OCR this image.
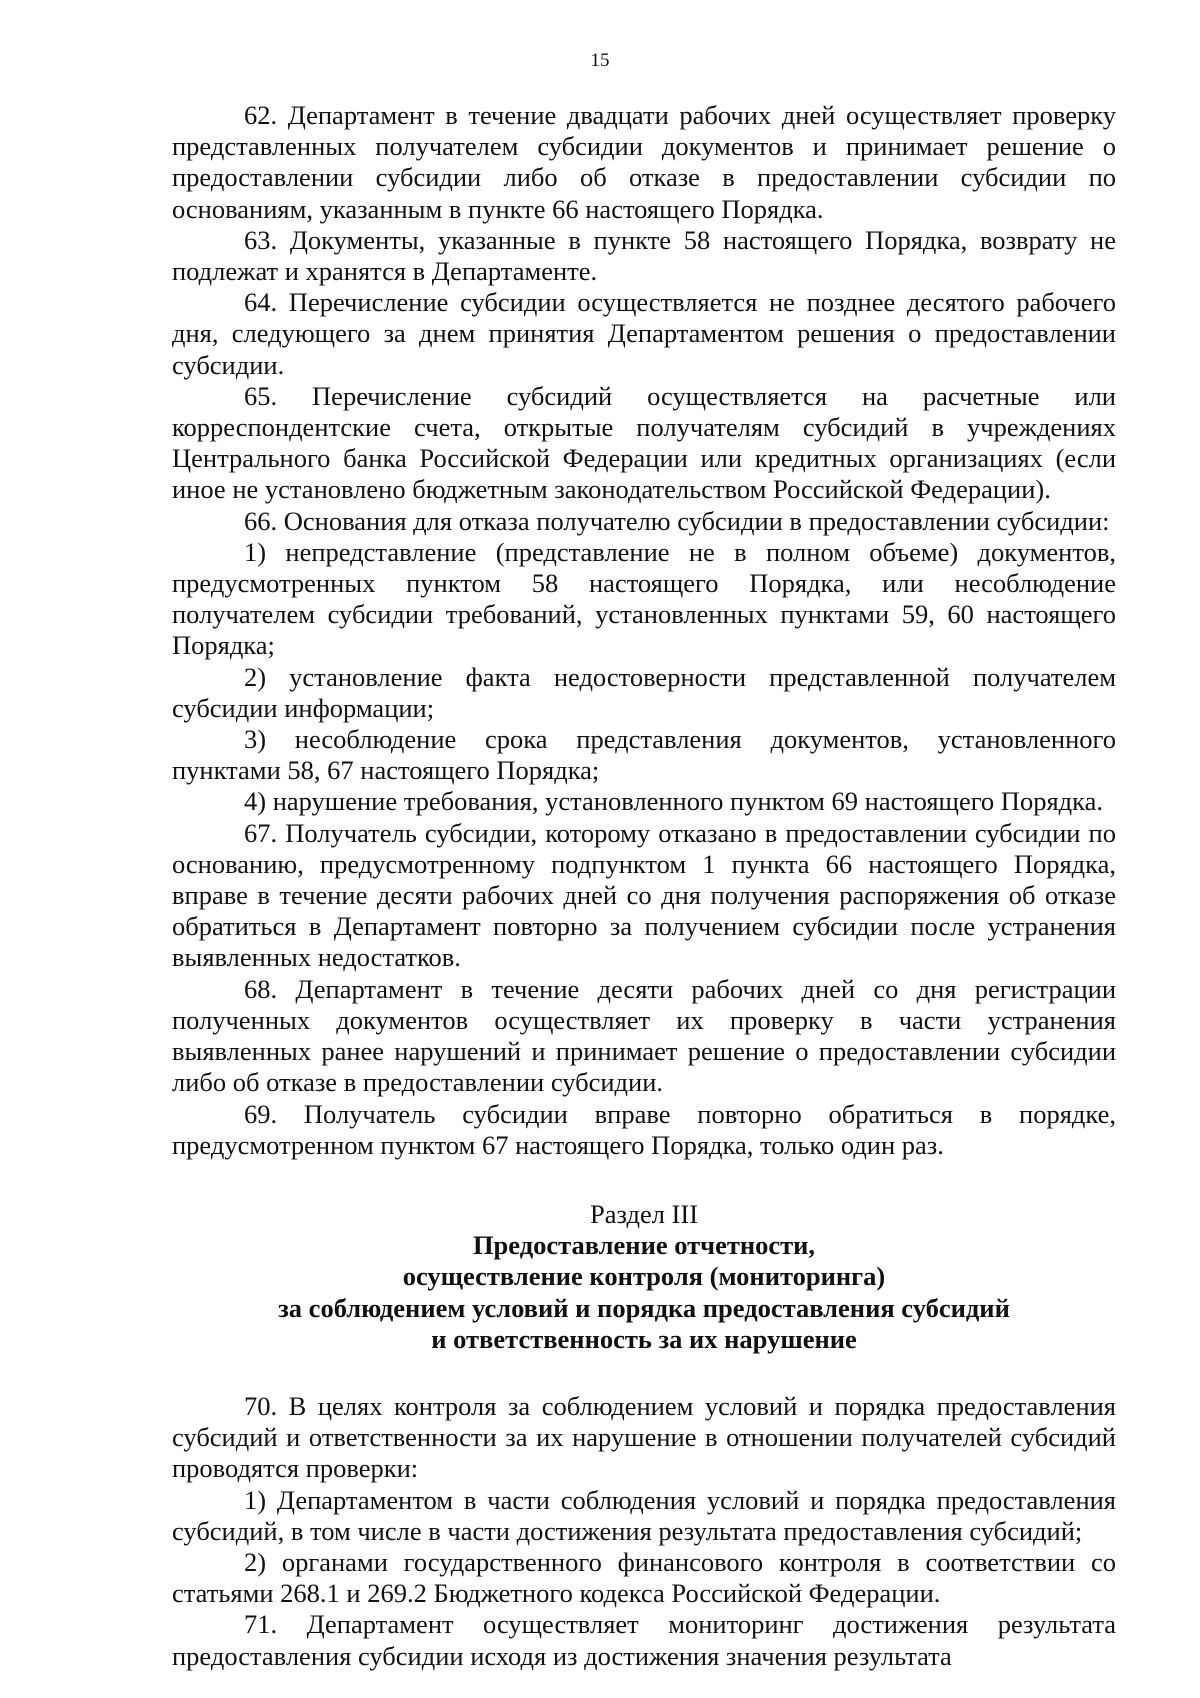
15

62. Департамент в течение двадцати рабочих дней осуществляет проверку представленных получателем субсидии документов и принимает решение о предоставлении субсидии либо об отказе в предоставлении субсидии по основаниям, указанным в пункте 66 настоящего Порядка.

63. Документы, указанные в пункте 58 настоящего Порядка, возврату не подлежат и хранятся в Департаменте.

64. Перечисление субсидии осуществляется не позднее десятого рабочего дня, следующего за днем принятия Департаментом решения о предоставлении субсидии.

65. Перечисление субсидий осуществляется на расчетные или корреспондентские счета, открытые получателям субсидий в учреждениях Центрального банка Российской Федерации или кредитных организациях (если иное не установлено бюджетным законодательством Российской Федерации).

66. Основания для отказа получателю субсидии в предоставлении субсидии:

1) непредставление (представление не в полном объеме) документов, предусмотренных пунктом 58 настоящего Порядка, или несоблюдение получателем субсидии требований, установленных пунктами 59, 60 настоящего Порядка;

2) установление факта недостоверности представленной получателем субсидии информации;

3) несоблюдение срока представления документов, установленного пунктами 58, 67 настоящего Порядка;

4) нарушение требования, установленного пунктом 69 настоящего Порядка.

67. Получатель субсидии, которому отказано в предоставлении субсидии по основанию, предусмотренному подпунктом 1 пункта 66 настоящего Порядка, вправе в течение десяти рабочих дней со дня получения распоряжения об отказе обратиться в Департамент повторно за получением субсидии после устранения выявленных недостатков.

68. Департамент в течение десяти рабочих дней со дня регистрации полученных документов осуществляет их проверку в части устранения выявленных ранее нарушений и принимает решение о предоставлении субсидии либо об отказе в предоставлении субсидии.

69. Получатель субсидии вправе повторно обратиться в порядке, предусмотренном пунктом 67 настоящего Порядка, только один раз.

Раздел III
Предоставление отчетности,
осуществление контроля (мониторинга)
за соблюдением условий и порядка предоставления субсидий
и ответственность за их нарушение

70. В целях контроля за соблюдением условий и порядка предоставления субсидий и ответственности за их нарушение в отношении получателей субсидий проводятся проверки:

1) Департаментом в части соблюдения условий и порядка предоставления субсидий, в том числе в части достижения результата предоставления субсидий;

2) органами государственного финансового контроля в соответствии со статьями 268.1 и 269.2 Бюджетного кодекса Российской Федерации.

71. Департамент осуществляет мониторинг достижения результата предоставления субсидии исходя из достижения значения результата
